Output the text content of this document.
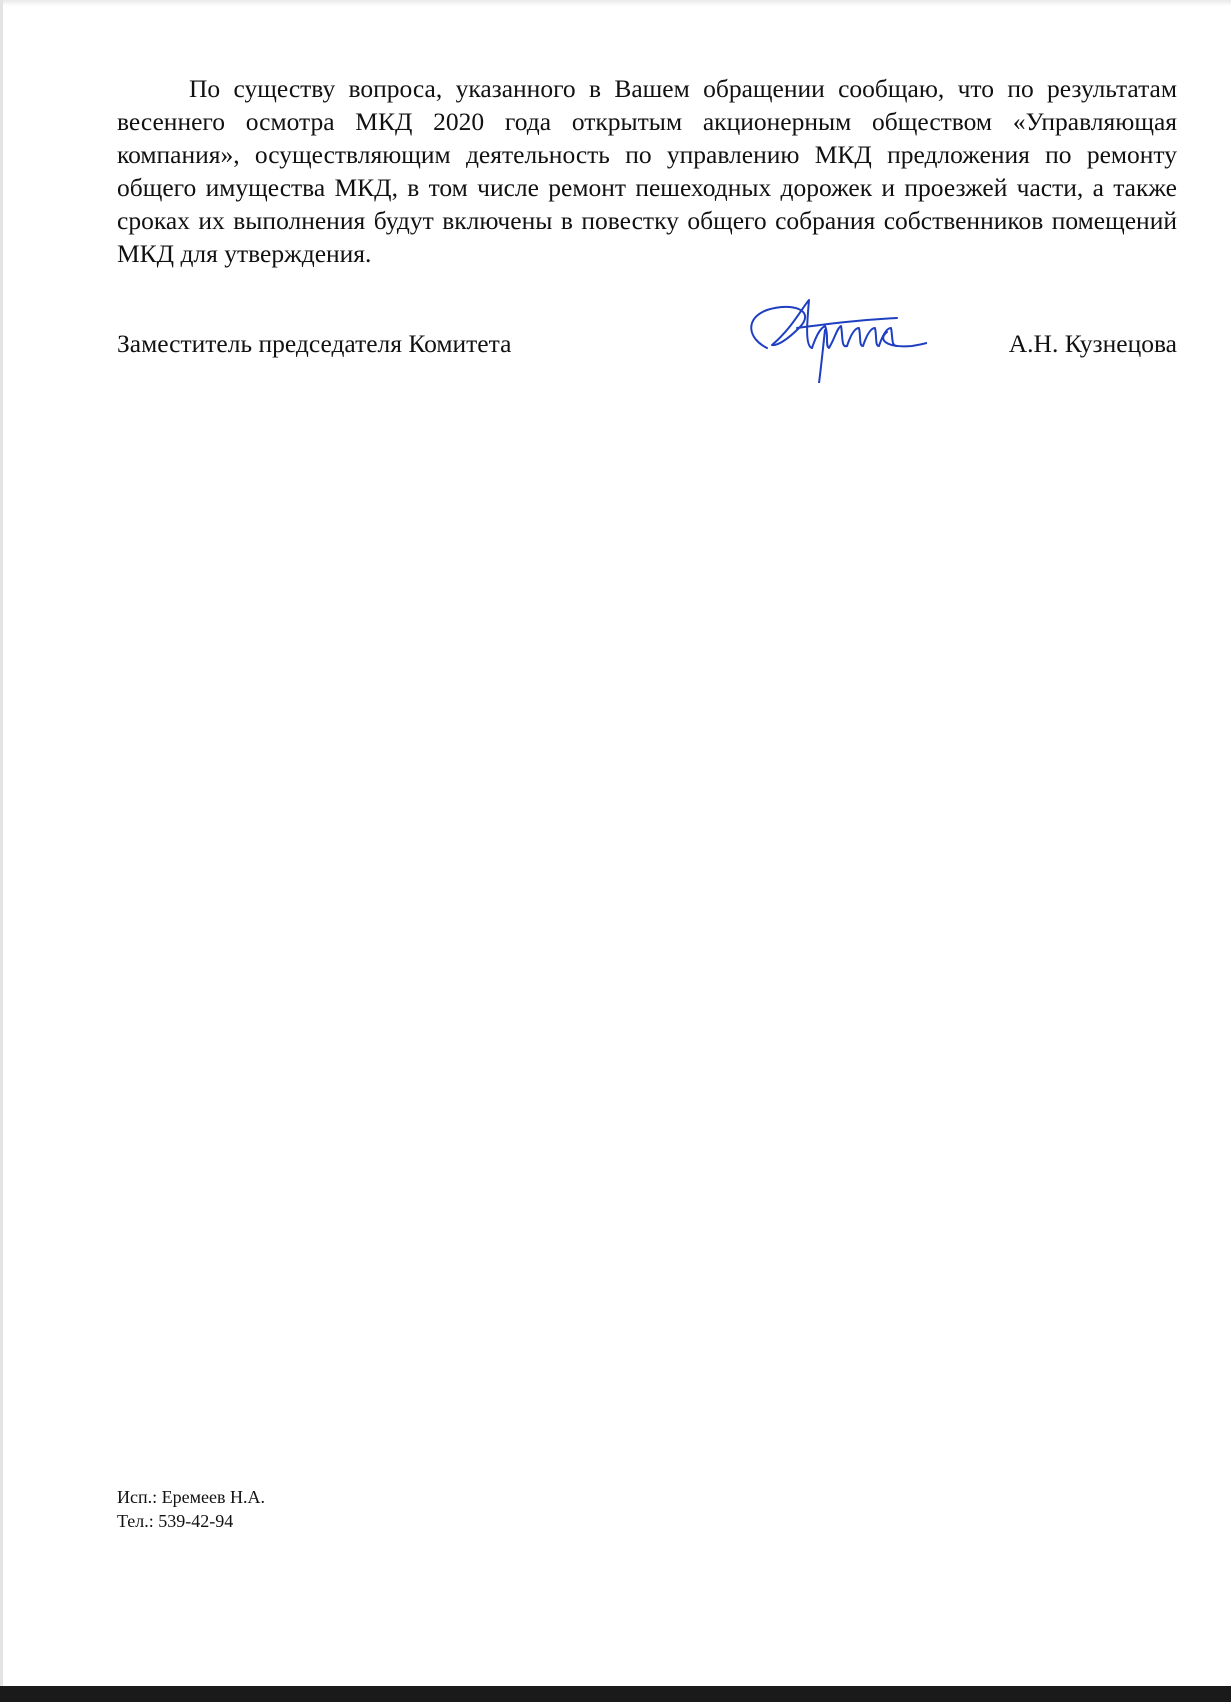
По существу вопроса, указанного в Вашем обращении сообщаю, что по результатам весеннего осмотра МКД 2020 года открытым акционерным обществом «Управляющая компания», осуществляющим деятельность по управлению МКД предложения по ремонту общего имущества МКД, в том числе ремонт пешеходных дорожек и проезжей части, а также сроках их выполнения будут включены в повестку общего собрания собственников помещений МКД для утверждения.

Заместитель председателя Комитета	А.Н. Кузнецова
Исп.: Еремеев Н.А.
Тел.: 539-42-94
